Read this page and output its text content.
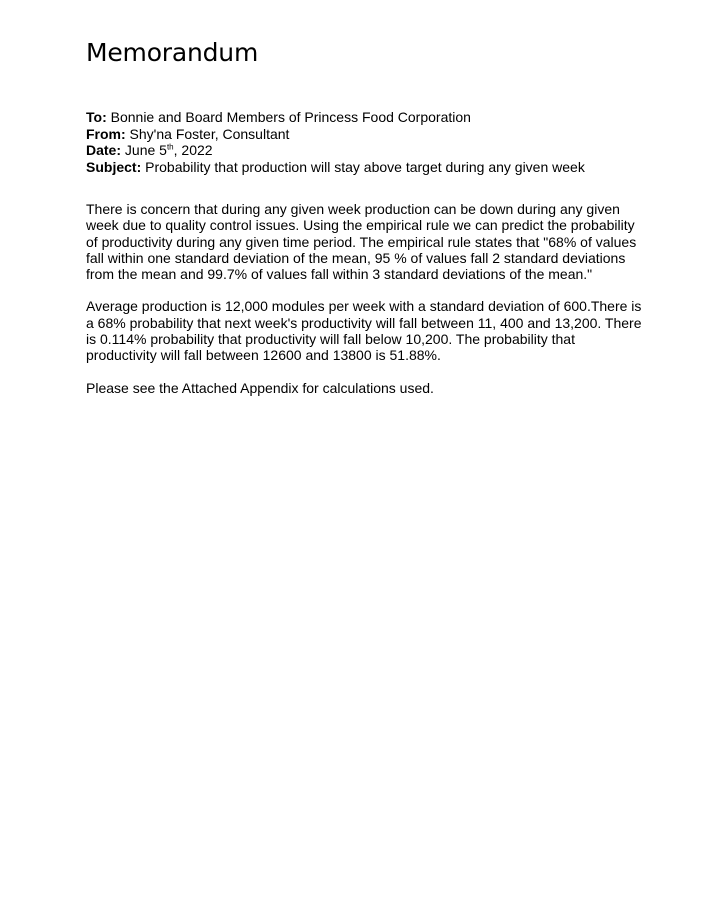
Memorandum
To: Bonnie and Board Members of Princess Food Corporation
From: Shy'na Foster, Consultant
Date: June 5th, 2022
Subject: Probability that production will stay above target during any given week

There is concern that during any given week production can be down during any given week due to quality control issues. Using the empirical rule we can predict the probability of productivity during any given time period. The empirical rule states that "68% of values fall within one standard deviation of the mean, 95 % of values fall 2 standard deviations from the mean and 99.7% of values fall within 3 standard deviations of the mean."

Average production is 12,000 modules per week with a standard deviation of 600.There is a 68% probability that next week's productivity will fall between 11, 400 and 13,200. There is 0.114% probability that productivity will fall below 10,200. The probability that productivity will fall between 12600 and 13800 is 51.88%.

Please see the Attached Appendix for calculations used.
